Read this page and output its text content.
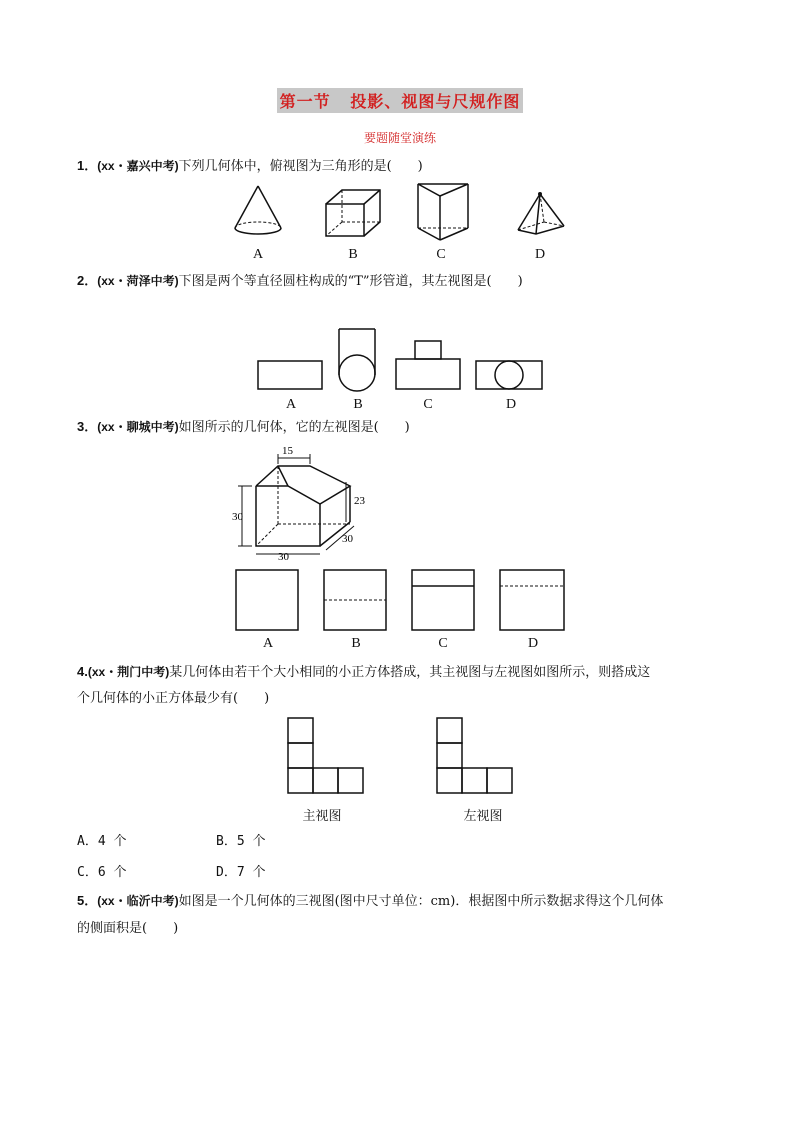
第一节   投影、视图与尺规作图
要题随堂演练
1．(xx・嘉兴中考)下列几何体中，俯视图为三角形的是(　　)
A	B	C	D
2．(xx・菏泽中考)下图是两个等直径圆柱构成的“T”形管道，其左视图是(　　)
A	B	C	D
3．(xx・聊城中考)如图所示的几何体，它的左视图是(　　)
15
23
30
30
30
A	B	C	D
4.(xx・荆门中考)某几何体由若干个大小相同的小正方体搭成，其主视图与左视图如图所示，则搭成这
个几何体的小正方体最少有(　　)
主视图	左视图
A．4 个	B．5 个
C．6 个	D．7 个
5．(xx・临沂中考)如图是一个几何体的三视图(图中尺寸单位：cm)．根据图中所示数据求得这个几何体
的侧面积是(　　)
